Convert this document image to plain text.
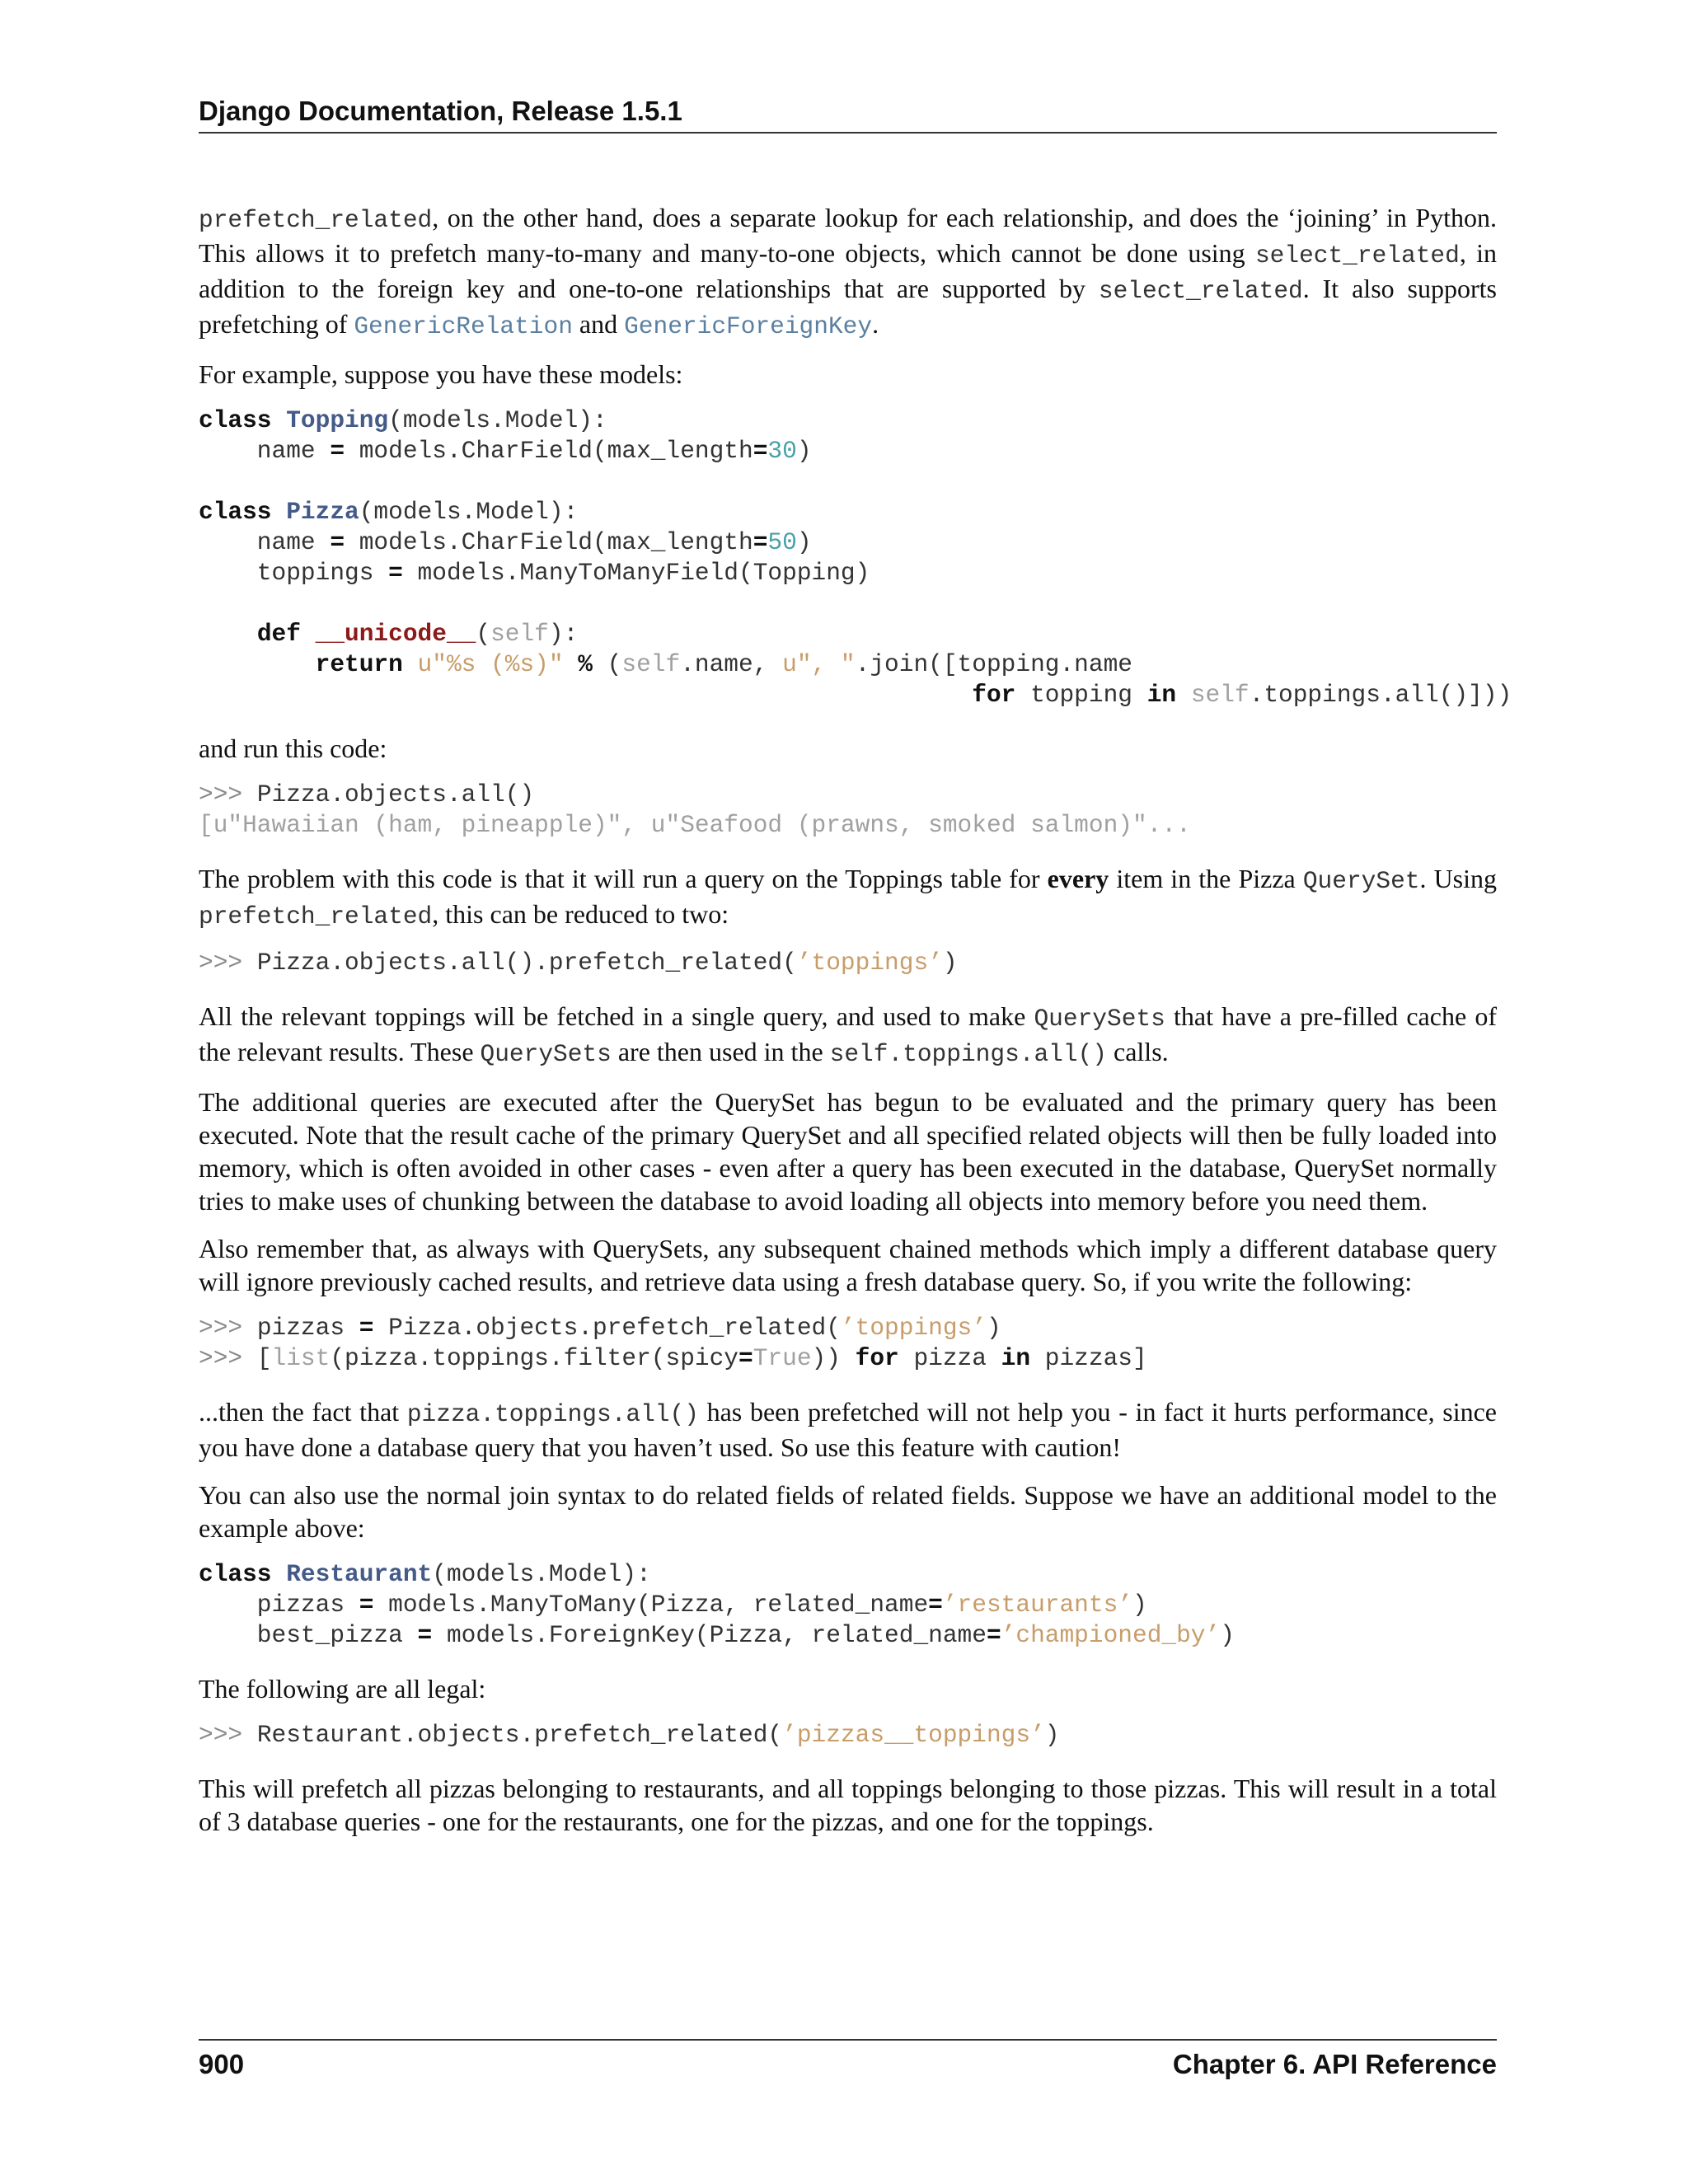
Django Documentation, Release 1.5.1

prefetch_related, on the other hand, does a separate lookup for each relationship, and does the ‘joining’ in Python. This allows it to prefetch many-to-many and many-to-one objects, which cannot be done using select_related, in addition to the foreign key and one-to-one relationships that are supported by select_related. It also supports prefetching of GenericRelation and GenericForeignKey.

For example, suppose you have these models:

class Topping(models.Model):
name = models.CharField(max_length=30)

class Pizza(models.Model):
name = models.CharField(max_length=50)
toppings = models.ManyToManyField(Topping)

def __unicode__(self):
return u"%s (%s)" % (self.name, u", ".join([topping.name
for topping in self.toppings.all()]))

and run this code:

>>> Pizza.objects.all()
[u"Hawaiian (ham, pineapple)", u"Seafood (prawns, smoked salmon)"...

The problem with this code is that it will run a query on the Toppings table for every item in the Pizza QuerySet. Using prefetch_related, this can be reduced to two:

>>> Pizza.objects.all().prefetch_related(’toppings’)

All the relevant toppings will be fetched in a single query, and used to make QuerySets that have a pre-filled cache of the relevant results. These QuerySets are then used in the self.toppings.all() calls.

The additional queries are executed after the QuerySet has begun to be evaluated and the primary query has been executed. Note that the result cache of the primary QuerySet and all specified related objects will then be fully loaded into memory, which is often avoided in other cases - even after a query has been executed in the database, QuerySet normally tries to make uses of chunking between the database to avoid loading all objects into memory before you need them.

Also remember that, as always with QuerySets, any subsequent chained methods which imply a different database query will ignore previously cached results, and retrieve data using a fresh database query. So, if you write the following:

>>> pizzas = Pizza.objects.prefetch_related(’toppings’)
>>> [list(pizza.toppings.filter(spicy=True)) for pizza in pizzas]

...then the fact that pizza.toppings.all() has been prefetched will not help you - in fact it hurts performance, since you have done a database query that you haven’t used. So use this feature with caution!

You can also use the normal join syntax to do related fields of related fields. Suppose we have an additional model to the example above:

class Restaurant(models.Model):
pizzas = models.ManyToMany(Pizza, related_name=’restaurants’)
best_pizza = models.ForeignKey(Pizza, related_name=’championed_by’)

The following are all legal:

>>> Restaurant.objects.prefetch_related(’pizzas__toppings’)

This will prefetch all pizzas belonging to restaurants, and all toppings belonging to those pizzas. This will result in a total of 3 database queries - one for the restaurants, one for the pizzas, and one for the toppings.

900	Chapter 6. API Reference
